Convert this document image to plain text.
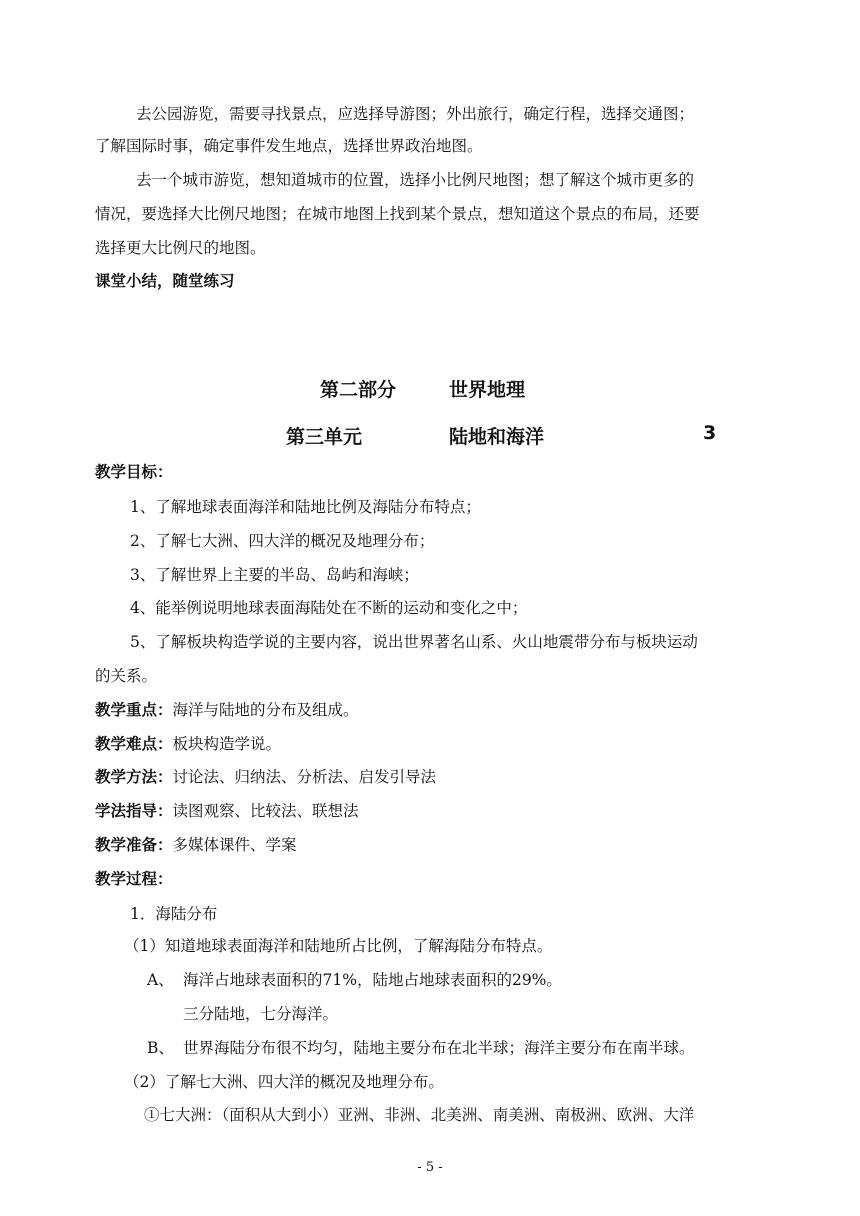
去公园游览，需要寻找景点，应选择导游图；外出旅行，确定行程，选择交通图；
了解国际时事，确定事件发生地点，选择世界政治地图。
去一个城市游览，想知道城市的位置，选择小比例尺地图；想了解这个城市更多的
情况，要选择大比例尺地图；在城市地图上找到某个景点，想知道这个景点的布局，还要
选择更大比例尺的地图。
课堂小结，随堂练习
第二部分	世界地理
第三单元	陆地和海洋	3
教学目标：
1、了解地球表面海洋和陆地比例及海陆分布特点；
2、了解七大洲、四大洋的概况及地理分布；
3、了解世界上主要的半岛、岛屿和海峡；
4、能举例说明地球表面海陆处在不断的运动和变化之中；
5、了解板块构造学说的主要内容，说出世界著名山系、火山地震带分布与板块运动
的关系。
教学重点：海洋与陆地的分布及组成。
教学难点：板块构造学说。
教学方法：讨论法、归纳法、分析法、启发引导法
学法指导：读图观察、比较法、联想法
教学准备：多媒体课件、学案
教学过程：
1．海陆分布
（1）知道地球表面海洋和陆地所占比例，了解海陆分布特点。
A、 海洋占地球表面积的71%，陆地占地球表面积的29%。
三分陆地，七分海洋。
B、 世界海陆分布很不均匀，陆地主要分布在北半球；海洋主要分布在南半球。
（2）了解七大洲、四大洋的概况及地理分布。
①七大洲：（面积从大到小）亚洲、非洲、北美洲、南美洲、南极洲、欧洲、大洋
- 5 -
